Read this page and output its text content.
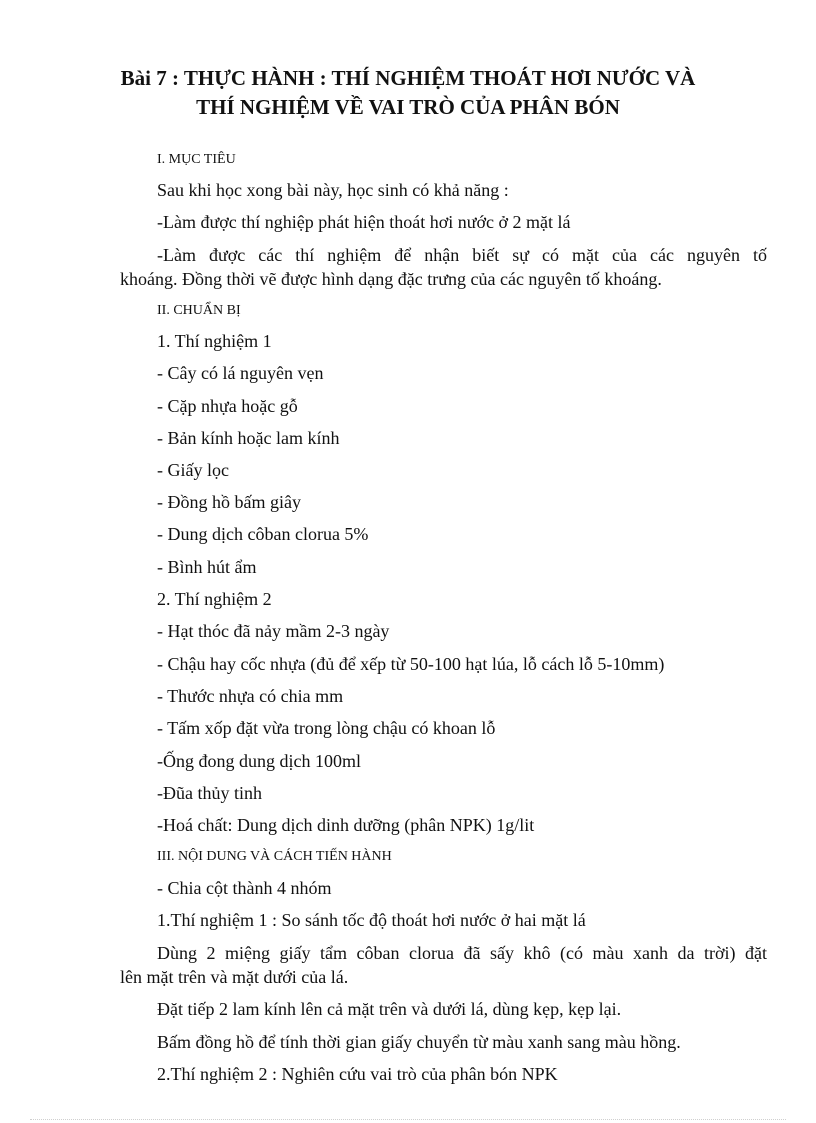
Bài 7 : THỰC HÀNH : THÍ NGHIỆM THOÁT HƠI NƯỚC VÀ
THÍ NGHIỆM VỀ VAI TRÒ CỦA PHÂN BÓN
I. MỤC TIÊU
Sau khi học xong bài này, học sinh có khả năng :
-Làm được thí nghiệp phát hiện thoát hơi nước ở 2 mặt lá
-Làm được các thí nghiệm để nhận biết sự có mặt của các nguyên tố
khoáng. Đồng thời vẽ được hình dạng đặc trưng của các nguyên tố khoáng.
II. CHUẨN BỊ
1. Thí nghiệm 1
- Cây có lá nguyên vẹn
- Cặp nhựa hoặc gỗ
- Bản kính hoặc lam kính
- Giấy lọc
- Đồng hồ bấm giây
- Dung dịch côban clorua 5%
- Bình hút ẩm
2. Thí nghiệm 2
- Hạt thóc đã nảy mầm 2-3 ngày
- Chậu hay cốc nhựa (đủ để xếp từ 50-100 hạt lúa, lỗ cách lỗ 5-10mm)
- Thước nhựa có chia mm
- Tấm xốp đặt vừa trong lòng chậu có khoan lỗ
-Ống đong dung dịch 100ml
-Đũa thủy tinh
-Hoá chất: Dung dịch dinh dưỡng (phân NPK) 1g/lit
III. NỘI DUNG VÀ CÁCH TIẾN HÀNH
- Chia cột thành 4 nhóm
1.Thí nghiệm 1 : So sánh tốc độ thoát hơi nước ở hai mặt lá
Dùng 2 miệng giấy tẩm côban clorua đã sấy khô (có màu xanh da trời) đặt
lên mặt trên và mặt dưới của lá.
Đặt tiếp 2 lam kính lên cả mặt trên và dưới lá, dùng kẹp, kẹp lại.
Bấm đồng hồ để tính thời gian giấy chuyển từ màu xanh sang màu hồng.
2.Thí nghiệm 2 : Nghiên cứu vai trò của phân bón NPK
